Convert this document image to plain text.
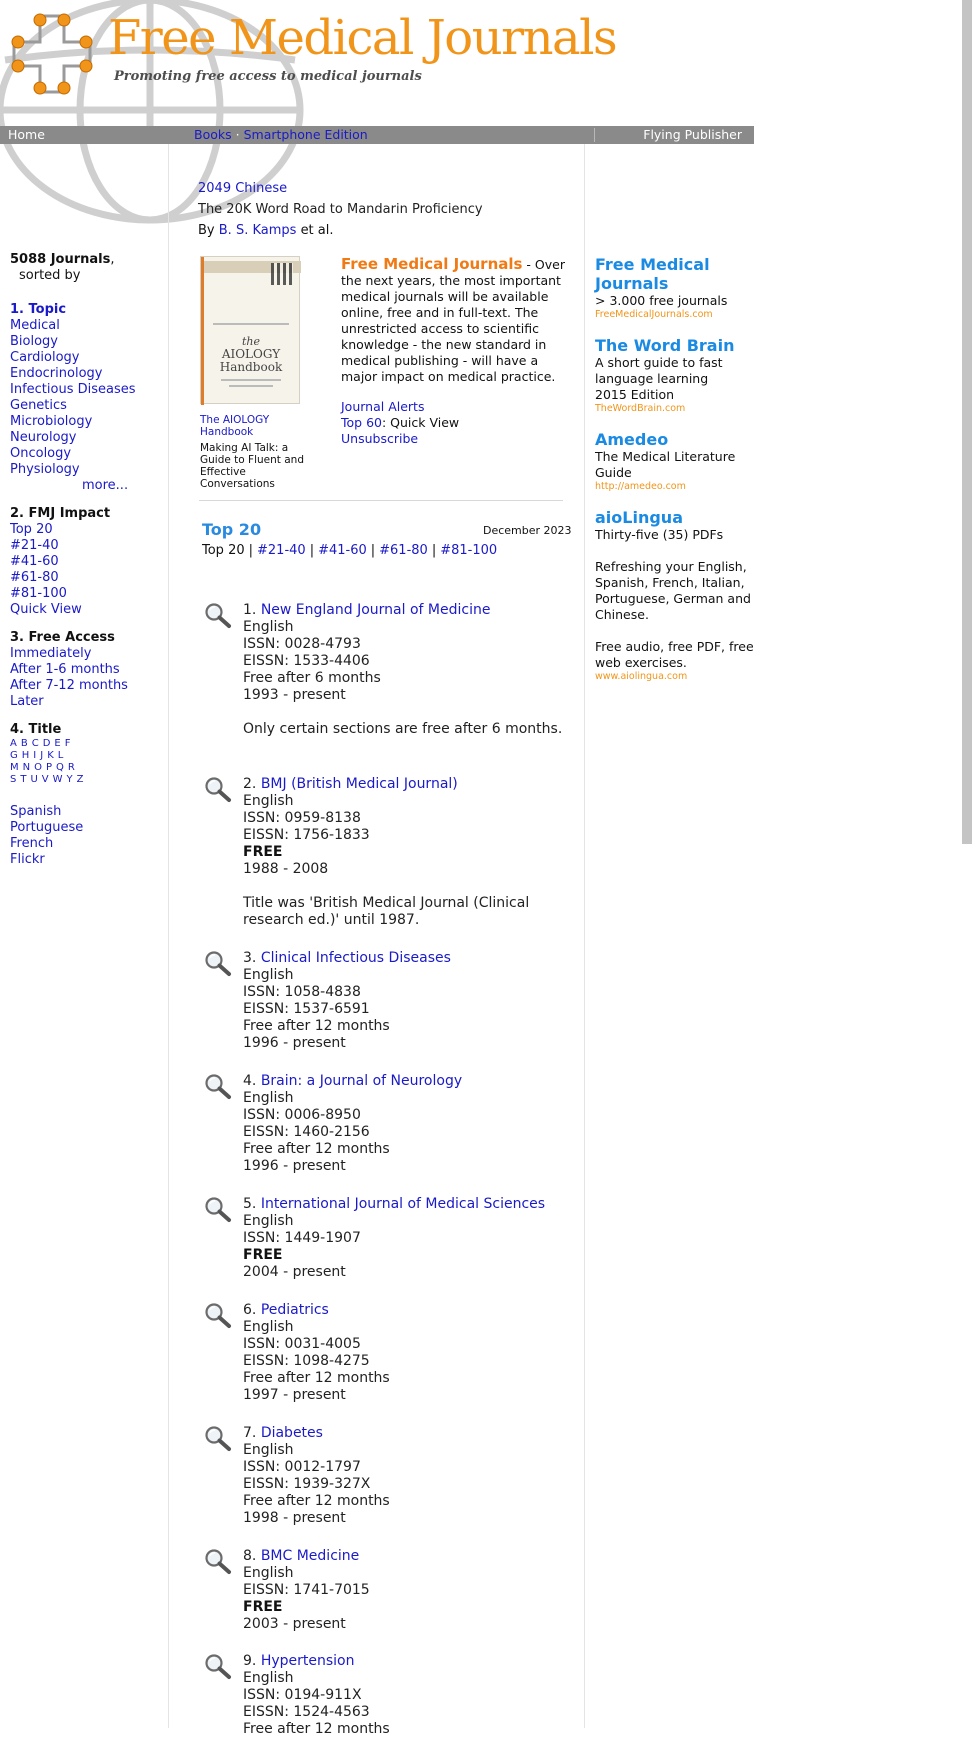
Free Medical Journals
Promoting free access to medical journals
Home	Books · Smartphone Edition	Flying Publisher
5088 Journals,
sorted by
1. Topic
Medical
Biology
Cardiology
Endocrinology
Infectious Diseases
Genetics
Microbiology
Neurology
Oncology
Physiology
more...
2. FMJ Impact
Top 20
#21-40
#41-60
#61-80
#81-100
Quick View
3. Free Access
Immediately
After 1-6 months
After 7-12 months
Later
4. Title
A B C D E F
G H I J K L
M N O P Q R
S T U V W Y Z
Spanish
Portuguese
French
Flickr
2049 Chinese
The 20K Word Road to Mandarin Proficiency
By B. S. Kamps et al.
the
AIOLOGY
Handbook
The AIOLOGY Handbook
Making AI Talk: a Guide to Fluent and Effective Conversations
Free Medical Journals - Over the next years, the most important medical journals will be available online, free and in full-text. The unrestricted access to scientific knowledge - the new standard in medical publishing - will have a major impact on medical practice.
Journal Alerts
Top 60: Quick View
Unsubscribe
Top 20	December 2023
Top 20 | #21-40 | #41-60 | #61-80 | #81-100
1. New England Journal of Medicine
English
ISSN: 0028-4793
EISSN: 1533-4406
Free after 6 months
1993 - present
Only certain sections are free after 6 months.
2. BMJ (British Medical Journal)
English
ISSN: 0959-8138
EISSN: 1756-1833
FREE
1988 - 2008
Title was 'British Medical Journal (Clinical research ed.)' until 1987.
3. Clinical Infectious Diseases
English
ISSN: 1058-4838
EISSN: 1537-6591
Free after 12 months
1996 - present
4. Brain: a Journal of Neurology
English
ISSN: 0006-8950
EISSN: 1460-2156
Free after 12 months
1996 - present
5. International Journal of Medical Sciences
English
ISSN: 1449-1907
FREE
2004 - present
6. Pediatrics
English
ISSN: 0031-4005
EISSN: 1098-4275
Free after 12 months
1997 - present
7. Diabetes
English
ISSN: 0012-1797
EISSN: 1939-327X
Free after 12 months
1998 - present
8. BMC Medicine
English
EISSN: 1741-7015
FREE
2003 - present
9. Hypertension
English
ISSN: 0194-911X
EISSN: 1524-4563
Free after 12 months
Free Medical Journals
> 3.000 free journals
FreeMedicalJournals.com
The Word Brain
A short guide to fast language learning
2015 Edition
TheWordBrain.com
Amedeo
The Medical Literature Guide
http://amedeo.com
aioLingua
Thirty-five (35) PDFs
Refreshing your English, Spanish, French, Italian, Portuguese, German and Chinese.
Free audio, free PDF, free web exercises.
www.aiolingua.com
